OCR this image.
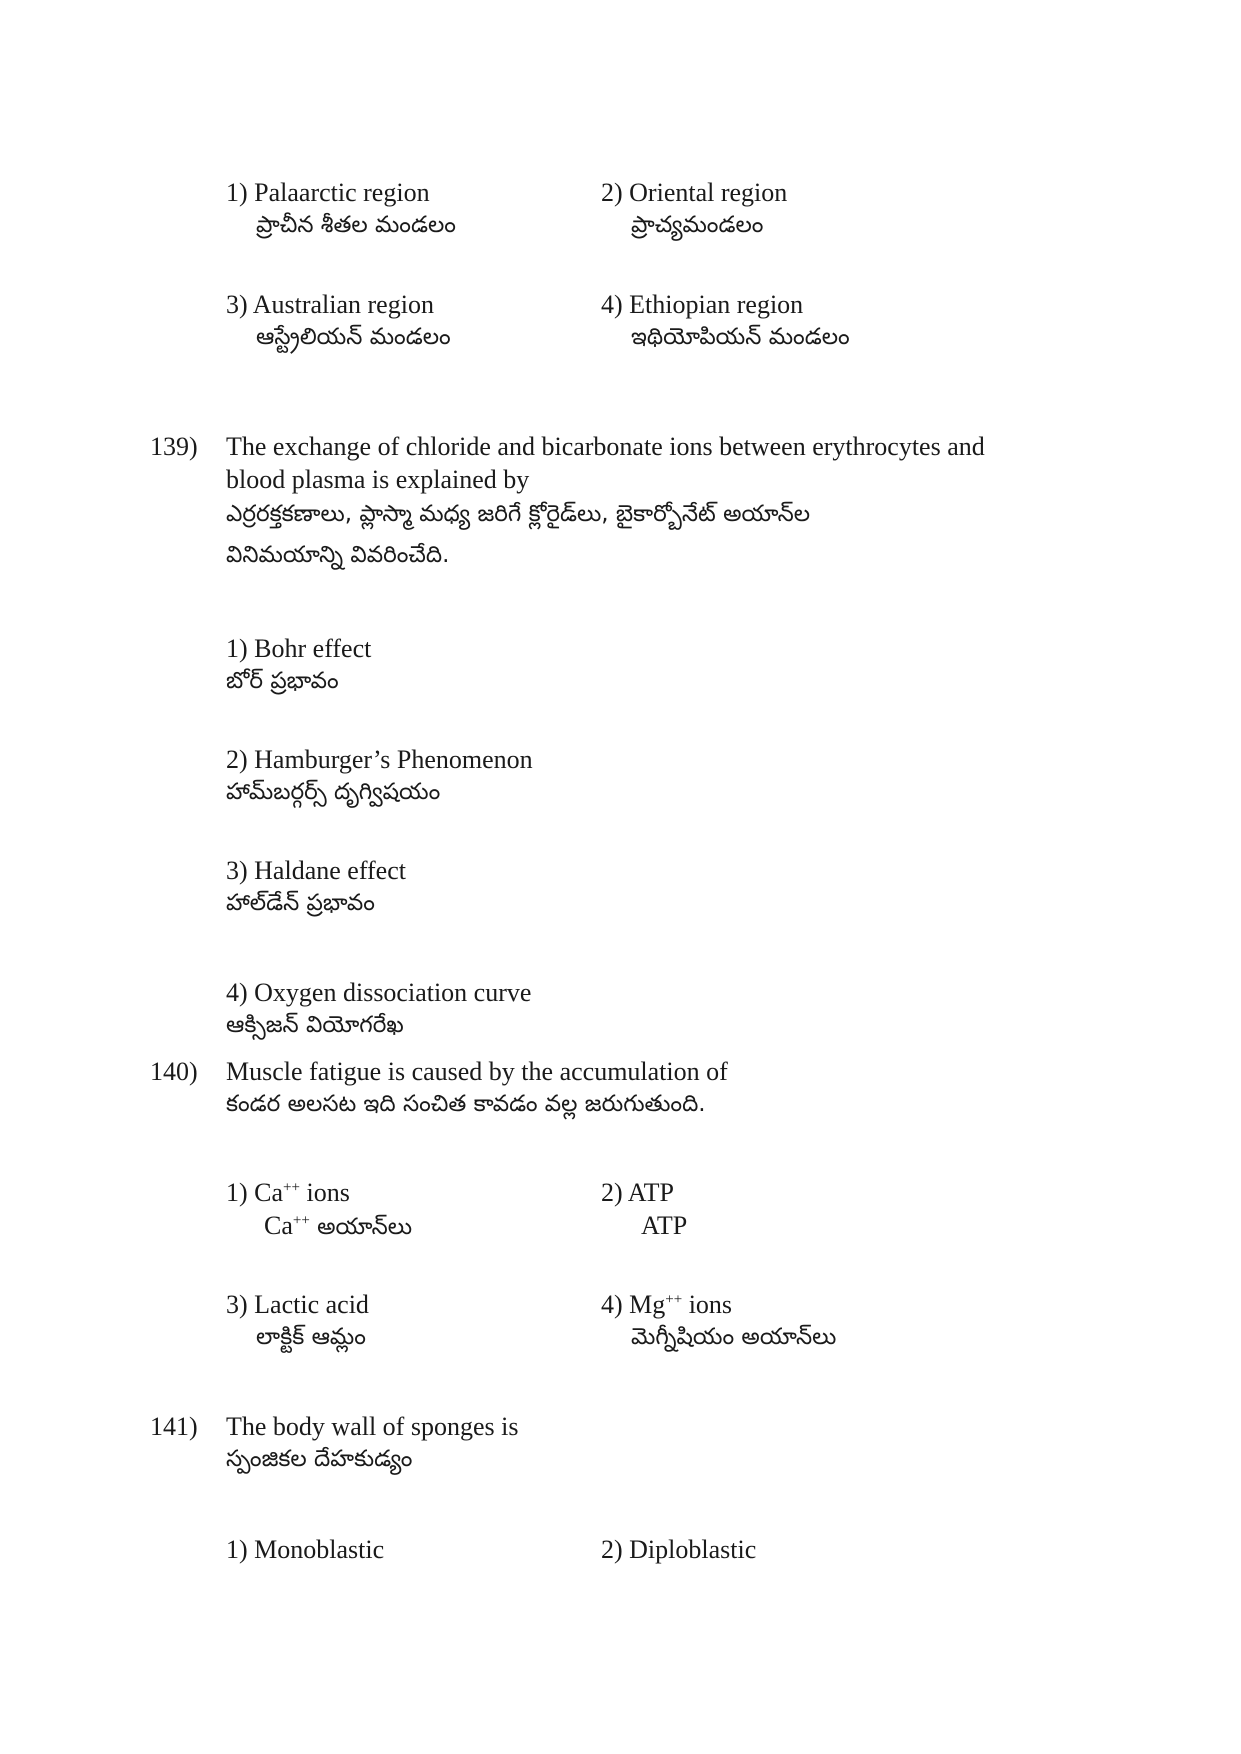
1) Palaarctic region
ప్రాచీన శీతల మండలం
2) Oriental region
ప్రాచ్యమండలం
3) Australian region
ఆస్ట్రేలియన్ మండలం
4) Ethiopian region
ఇథియోపియన్ మండలం
139) The exchange of chloride and bicarbonate ions between erythrocytes and
blood plasma is explained by
ఎర్రరక్తకణాలు, ప్లాస్మా మధ్య జరిగే క్లోరైడ్‌లు, బైకార్బోనేట్ అయాన్‌ల
వినిమయాన్ని వివరించేది.
1) Bohr effect
బోర్ ప్రభావం
2) Hamburger’s Phenomenon
హామ్‌బర్గర్స్ దృగ్విషయం
3) Haldane effect
హాల్‌డేన్ ప్రభావం
4) Oxygen dissociation curve
ఆక్సిజన్ వియోగరేఖ
140) Muscle fatigue is caused by the accumulation of
కండర అలసట ఇది సంచిత కావడం వల్ల జరుగుతుంది.
1) Ca++ ions
Ca++ అయాన్‌లు
2) ATP
ATP
3) Lactic acid
లాక్టిక్ ఆమ్లం
4) Mg++ ions
మెగ్నీషియం అయాన్‌లు
141) The body wall of sponges is
స్పంజికల దేహకుడ్యం
1) Monoblastic	2) Diploblastic
